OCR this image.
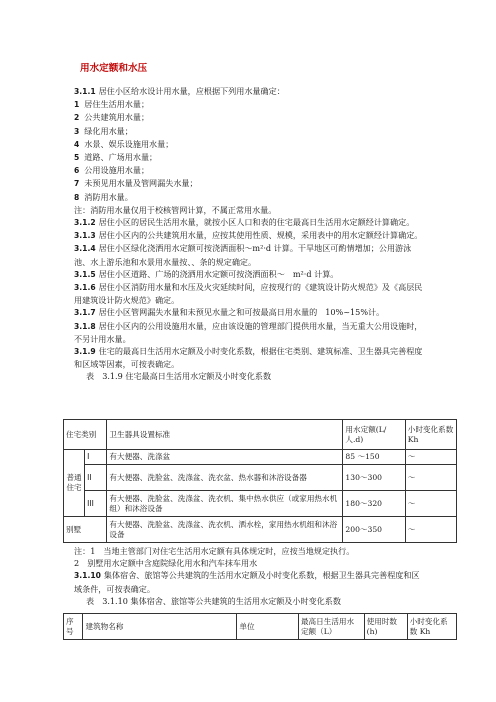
用水定额和水压

3.1.1 居住小区给水设计用水量，应根据下列用水量确定：

1 居住生活用水量；

2 公共建筑用水量；

3 绿化用水量；

4 水景、娱乐设施用水量；

5 道路、广场用水量；

6 公用设施用水量；

7 未预见用水量及管网漏失水量；

8 消防用水量。

注：消防用水量仅用于校核管网计算，不属正常用水量。

3.1.2 居住小区的居民生活用水量，就按小区人口和表的住宅最高日生活用水定额经计算确定。

3.1.3 居住小区内的公共建筑用水量，应按其使用性质、规模，采用表中的用水定额经计算确定。

3.1.4 居住小区绿化浇洒用水定额可按浇洒面积～m²·d 计算。干旱地区可酌情增加；公用游泳池、水上游乐池和水景用水量按、、条的规定确定。

3.1.5 居住小区道路、广场的浇洒用水定额可按浇洒面积～　m²·d 计算。

3.1.6 居住小区消防用水量和水压及火灾延续时间，应按现行的《建筑设计防火规范》及《高层民用建筑设计防火规范》确定。

3.1.7 居住小区管网漏失水量和未预见水量之和可按最高日用水量的　10%~15%计。

3.1.8 居住小区内的公用设施用水量，应由该设施的管理部门提供用水量，当无重大公用设施时，不另计用水量。

3.1.9 住宅的最高日生活用水定额及小时变化系数，根据住宅类别、建筑标准、卫生器具完善程度和区域等因素，可按表确定。

表　3.1.9 住宅最高日生活用水定额及小时变化系数

住宅类别		卫生器具设置标准	用水定额(L/人.d)	小时变化系数 Kh
普通住宅	I	有大便器、洗涤盆	85 ～150	～
	II	有大便器、洗脸盆、洗涤盆、洗衣盆、热水器和沐浴设备器	130～300	～
	III	有大便器、洗脸盆、洗涤盆、洗衣机、集中热水供应（或家用热水机组）和沐浴设备	180～320	～
别墅		有大便器、洗脸盆、洗涤盆、洗衣机、洒水栓，家用热水机组和沐浴设备	200～350	～

注：1　当地主管部门对住宅生活用水定额有具体规定时，应按当地规定执行。

2　别墅用水定额中含庭院绿化用水和汽车抹车用水

3.1.10 集体宿舍、旅馆等公共建筑的生活用水定额及小时变化系数，根据卫生器具完善程度和区域条件，可按表确定。

表　3.1.10 集体宿舍、旅馆等公共建筑的生活用水定额及小时变化系数

序号	建筑物名称	单位	最高日生活用水定额（L）	使用时数(h)	小时变化系数 Kh
